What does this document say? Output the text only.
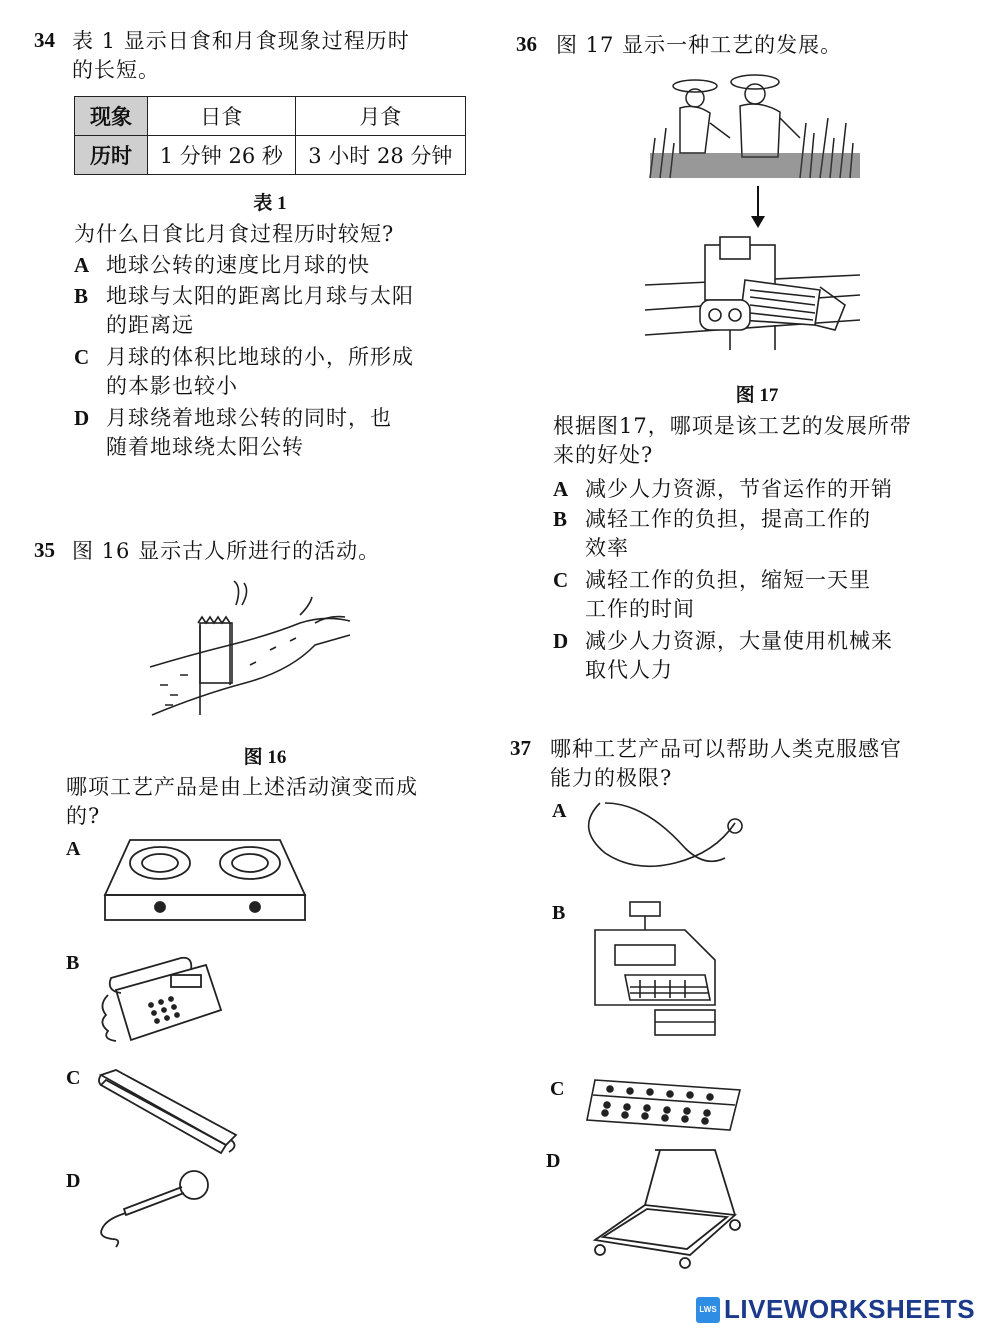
34 表 1 显示日食和月食现象过程历时
的长短。
现象	日食	月食
历时	1 分钟 26 秒	3 小时 28 分钟
表 1
为什么日食比月食过程历时较短?
A 地球公转的速度比月球的快
B 地球与太阳的距离比月球与太阳
的距离远
C 月球的体积比地球的小，所形成
的本影也较小
D 月球绕着地球公转的同时，也
随着地球绕太阳公转
35 图 16 显示古人所进行的活动。
图 16
哪项工艺产品是由上述活动演变而成
的?
A
B
C
D
36 图 17 显示一种工艺的发展。
图 17
根据图17，哪项是该工艺的发展所带
来的好处?
A 减少人力资源，节省运作的开销
B 减轻工作的负担，提高工作的
效率
C 减轻工作的负担，缩短一天里
工作的时间
D 减少人力资源，大量使用机械来
取代人力
37 哪种工艺产品可以帮助人类克服感官
能力的极限?
A
B
C
D
LWS LIVEWORKSHEETS
